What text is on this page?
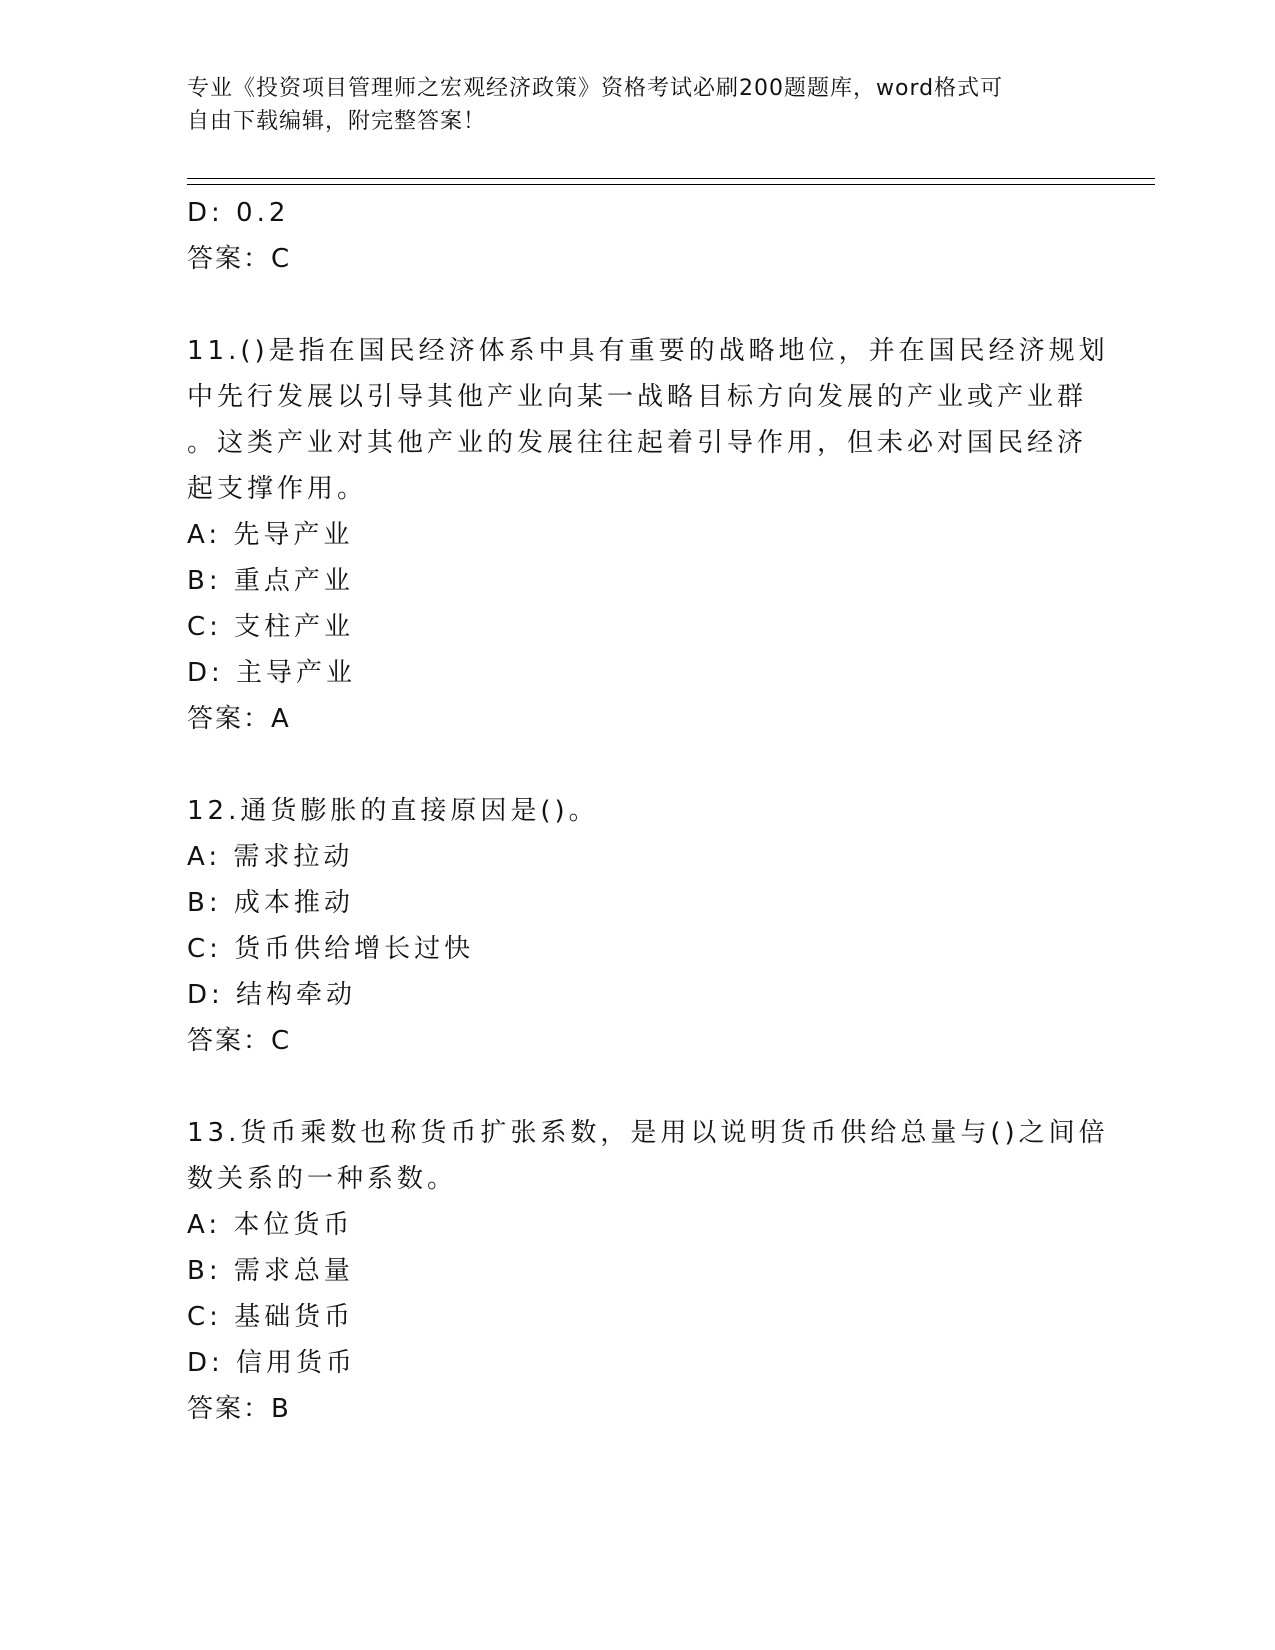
专业《投资项目管理师之宏观经济政策》资格考试必刷200题题库，word格式可
自由下载编辑，附完整答案！
D: 0.2
答案：C
11.()是指在国民经济体系中具有重要的战略地位，并在国民经济规划
中先行发展以引导其他产业向某一战略目标方向发展的产业或产业群
。这类产业对其他产业的发展往往起着引导作用，但未必对国民经济
起支撑作用。
A: 先导产业
B: 重点产业
C: 支柱产业
D: 主导产业
答案：A
12.通货膨胀的直接原因是()。
A: 需求拉动
B: 成本推动
C: 货币供给增长过快
D: 结构牵动
答案：C
13.货币乘数也称货币扩张系数，是用以说明货币供给总量与()之间倍
数关系的一种系数。
A: 本位货币
B: 需求总量
C: 基础货币
D: 信用货币
答案：B
